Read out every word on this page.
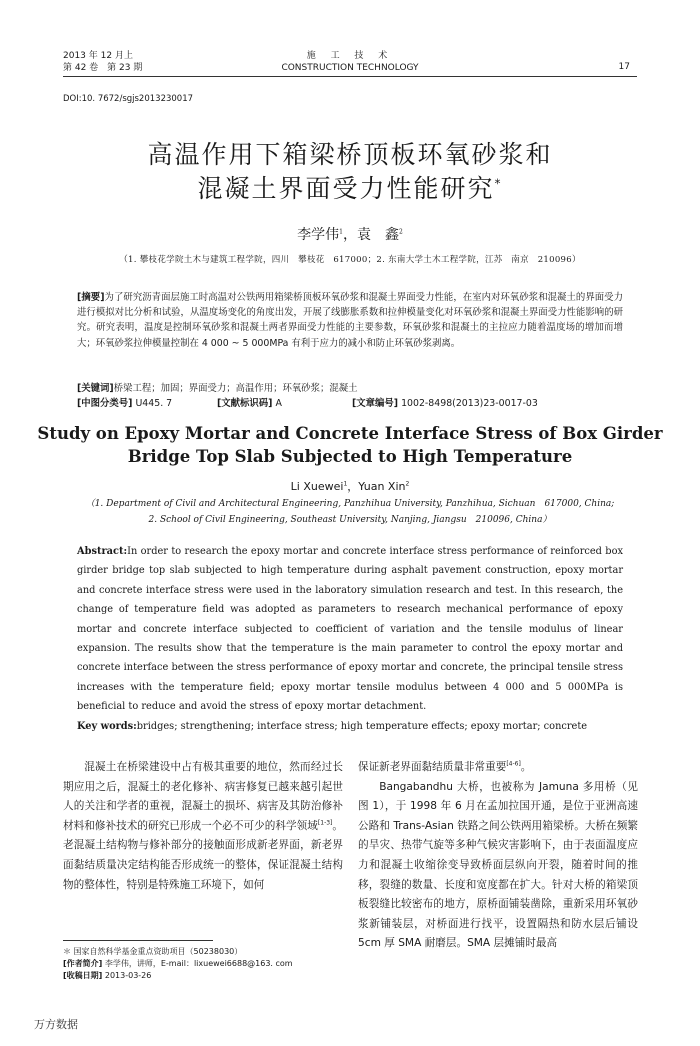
2013 年 12 月上
第 42 卷　第 23 期
施 工 技 术
CONSTRUCTION TECHNOLOGY	17
DOI:10. 7672/sgjs2013230017
高温作用下箱梁桥顶板环氧砂浆和
混凝土界面受力性能研究*
李学伟$^1$，袁　鑫$^2$
（1. 攀枝花学院土木与建筑工程学院，四川　攀枝花　617000；2. 东南大学土木工程学院，江苏　南京　210096）
[摘要]为了研究沥青面层施工时高温对公铁两用箱梁桥顶板环氧砂浆和混凝土界面受力性能，在室内对环氧砂浆和混凝土的界面受力进行模拟对比分析和试验，从温度场变化的角度出发，开展了线膨胀系数和拉伸模量变化对环氧砂浆和混凝土界面受力性能影响的研究。研究表明，温度是控制环氧砂浆和混凝土两者界面受力性能的主要参数，环氧砂浆和混凝土的主拉应力随着温度场的增加而增大；环氧砂浆拉伸模量控制在 4 000 ~ 5 000MPa 有利于应力的减小和防止环氧砂浆剥离。
[关键词]桥梁工程；加固；界面受力；高温作用；环氧砂浆；混凝土
[中图分类号] U445. 7	[文献标识码] A	[文章编号] 1002-8498(2013)23-0017-03
Study on Epoxy Mortar and Concrete Interface Stress of Box Girder
Bridge Top Slab Subjected to High Temperature
Li Xuewei$^1$，Yuan Xin$^2$
（1. Department of Civil and Architectural Engineering, Panzhihua University, Panzhihua, Sichuan　617000, China;
2. School of Civil Engineering, Southeast University, Nanjing, Jiangsu　210096, China）
Abstract:In order to research the epoxy mortar and concrete interface stress performance of reinforced box girder bridge top slab subjected to high temperature during asphalt pavement construction, epoxy mortar and concrete interface stress were used in the laboratory simulation research and test. In this research, the change of temperature field was adopted as parameters to research mechanical performance of epoxy mortar and concrete interface subjected to coefficient of variation and the tensile modulus of linear expansion. The results show that the temperature is the main parameter to control the epoxy mortar and concrete interface between the stress performance of epoxy mortar and concrete, the principal tensile stress increases with the temperature field; epoxy mortar tensile modulus between 4 000 and 5 000MPa is beneficial to reduce and avoid the stress of epoxy mortar detachment.
Key words:bridges; strengthening; interface stress; high temperature effects; epoxy mortar; concrete

混凝土在桥梁建设中占有极其重要的地位，然而经过长期应用之后，混凝土的老化修补、病害修复已越来越引起世人的关注和学者的重视，混凝土的损坏、病害及其防治修补材料和修补技术的研究已形成一个必不可少的科学领域[1-3]。老混凝土结构物与修补部分的接触面形成新老界面，新老界面黏结质量决定结构能否形成统一的整体，保证混凝土结构物的整体性，特别是特殊施工环境下，如何

保证新老界面黏结质量非常重要[4-6]。

Bangabandhu 大桥，也被称为 Jamuna 多用桥（见图 1），于 1998 年 6 月在孟加拉国开通，是位于亚洲高速公路和 Trans-Asian 铁路之间公铁两用箱梁桥。大桥在频繁的旱灾、热带气旋等多种气候灾害影响下，由于表面温度应力和混凝土收缩徐变导致桥面层纵向开裂，随着时间的推移，裂缝的数量、长度和宽度都在扩大。针对大桥的箱梁顶板裂缝比较密布的地方，原桥面铺装凿除，重新采用环氧砂浆新铺装层，对桥面进行找平，设置隔热和防水层后铺设 5cm 厚 SMA 耐磨层。SMA 层摊铺时最高

＊ 国家自然科学基金重点资助项目（50238030）
[作者简介] 李学伟，讲师，E-mail：lixuewei6688@163. com
[收稿日期] 2013-03-26
万方数据
